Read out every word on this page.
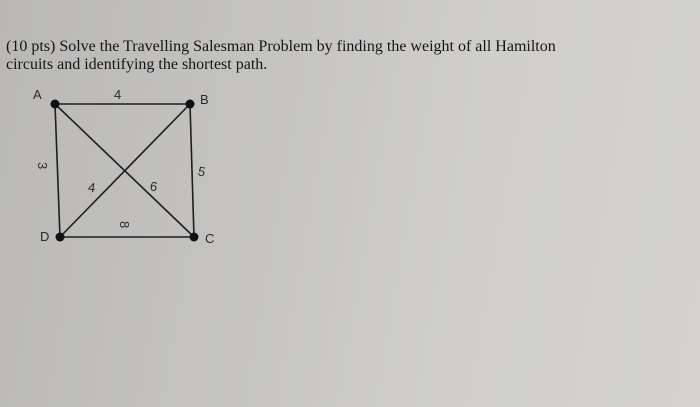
(10 pts) Solve the Travelling Salesman Problem by finding the weight of all Hamilton
circuits and identifying the shortest path.

A	B
C
D
4
3	5
8
4	6
